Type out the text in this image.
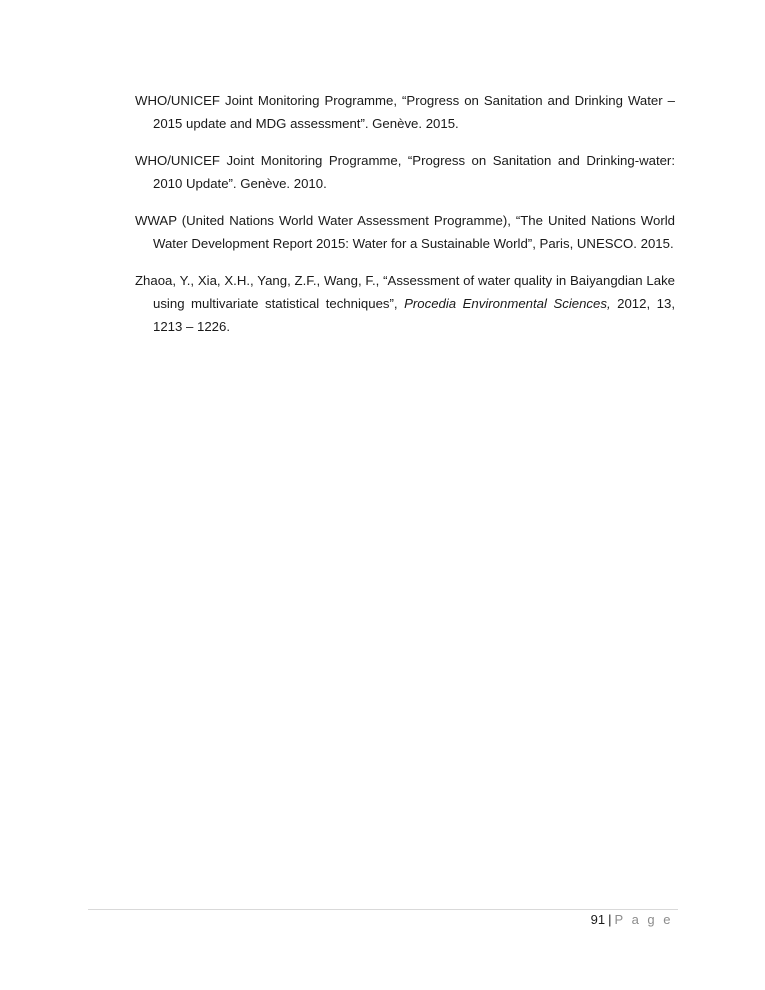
WHO/UNICEF Joint Monitoring Programme, “Progress on Sanitation and Drinking Water – 2015 update and MDG assessment”. Genève. 2015.

WHO/UNICEF Joint Monitoring Programme, “Progress on Sanitation and Drinking-water: 2010 Update”. Genève. 2010.

WWAP (United Nations World Water Assessment Programme), “The United Nations World Water Development Report 2015: Water for a Sustainable World”, Paris, UNESCO. 2015.

Zhaoa, Y., Xia, X.H., Yang, Z.F., Wang, F., “Assessment of water quality in Baiyangdian Lake using multivariate statistical techniques”, Procedia Environmental Sciences, 2012, 13, 1213 – 1226.

91 | P a g e
